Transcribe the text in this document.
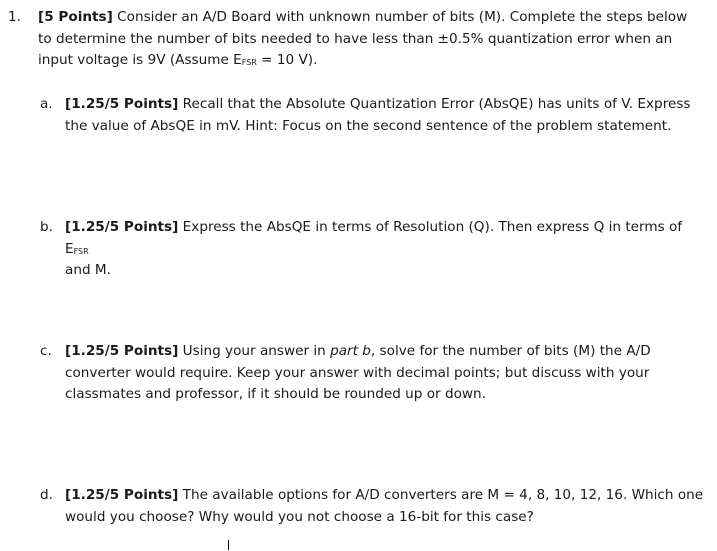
1. [5 Points] Consider an A/D Board with unknown number of bits (M). Complete the steps below to determine the number of bits needed to have less than ±0.5% quantization error when an input voltage is 9V (Assume $E_{FSR} = 10$ V).
a. [1.25/5 Points] Recall that the Absolute Quantization Error (AbsQE) has units of V. Express the value of AbsQE in mV. Hint: Focus on the second sentence of the problem statement.
b. [1.25/5 Points] Express the AbsQE in terms of Resolution (Q). Then express Q in terms of $E_{FSR}$
and M.
c. [1.25/5 Points] Using your answer in part b, solve for the number of bits (M) the A/D converter would require. Keep your answer with decimal points; but discuss with your classmates and professor, if it should be rounded up or down.
d. [1.25/5 Points] The available options for A/D converters are M = 4, 8, 10, 12, 16. Which one would you choose? Why would you not choose a 16-bit for this case?
